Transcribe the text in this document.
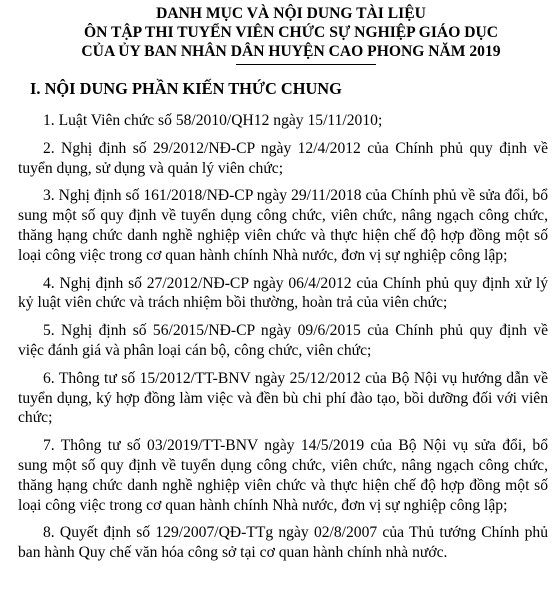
DANH MỤC VÀ NỘI DUNG TÀI LIỆU
ÔN TẬP THI TUYỂN VIÊN CHỨC SỰ NGHIỆP GIÁO DỤC
CỦA ỦY BAN NHÂN DÂN HUYỆN CAO PHONG NĂM 2019
I. NỘI DUNG PHẦN KIẾN THỨC CHUNG
1. Luật Viên chức số 58/2010/QH12 ngày 15/11/2010;
2. Nghị định số 29/2012/NĐ-CP ngày 12/4/2012 của Chính phủ quy định về tuyển dụng, sử dụng và quản lý viên chức;
3. Nghị định số 161/2018/NĐ-CP ngày 29/11/2018 của Chính phủ về sửa đổi, bổ sung một số quy định về tuyển dụng công chức, viên chức, nâng ngạch công chức, thăng hạng chức danh nghề nghiệp viên chức và thực hiện chế độ hợp đồng một số loại công việc trong cơ quan hành chính Nhà nước, đơn vị sự nghiệp công lập;
4. Nghị định số 27/2012/NĐ-CP ngày 06/4/2012 của Chính phủ quy định xử lý kỷ luật viên chức và trách nhiệm bồi thường, hoàn trả của viên chức;
5. Nghị định số 56/2015/NĐ-CP ngày 09/6/2015 của Chính phủ quy định về việc đánh giá và phân loại cán bộ, công chức, viên chức;
6. Thông tư số 15/2012/TT-BNV ngày 25/12/2012 của Bộ Nội vụ hướng dẫn về tuyển dụng, ký hợp đồng làm việc và đền bù chi phí đào tạo, bồi dưỡng đối với viên chức;
7. Thông tư số 03/2019/TT-BNV ngày 14/5/2019 của Bộ Nội vụ sửa đổi, bổ sung một số quy định về tuyển dụng công chức, viên chức, nâng ngạch công chức, thăng hạng chức danh nghề nghiệp viên chức và thực hiện chế độ hợp đồng một số loại công việc trong cơ quan hành chính Nhà nước, đơn vị sự nghiệp công lập;
8. Quyết định số 129/2007/QĐ-TTg ngày 02/8/2007 của Thủ tướng Chính phủ ban hành Quy chế văn hóa công sở tại cơ quan hành chính nhà nước.
